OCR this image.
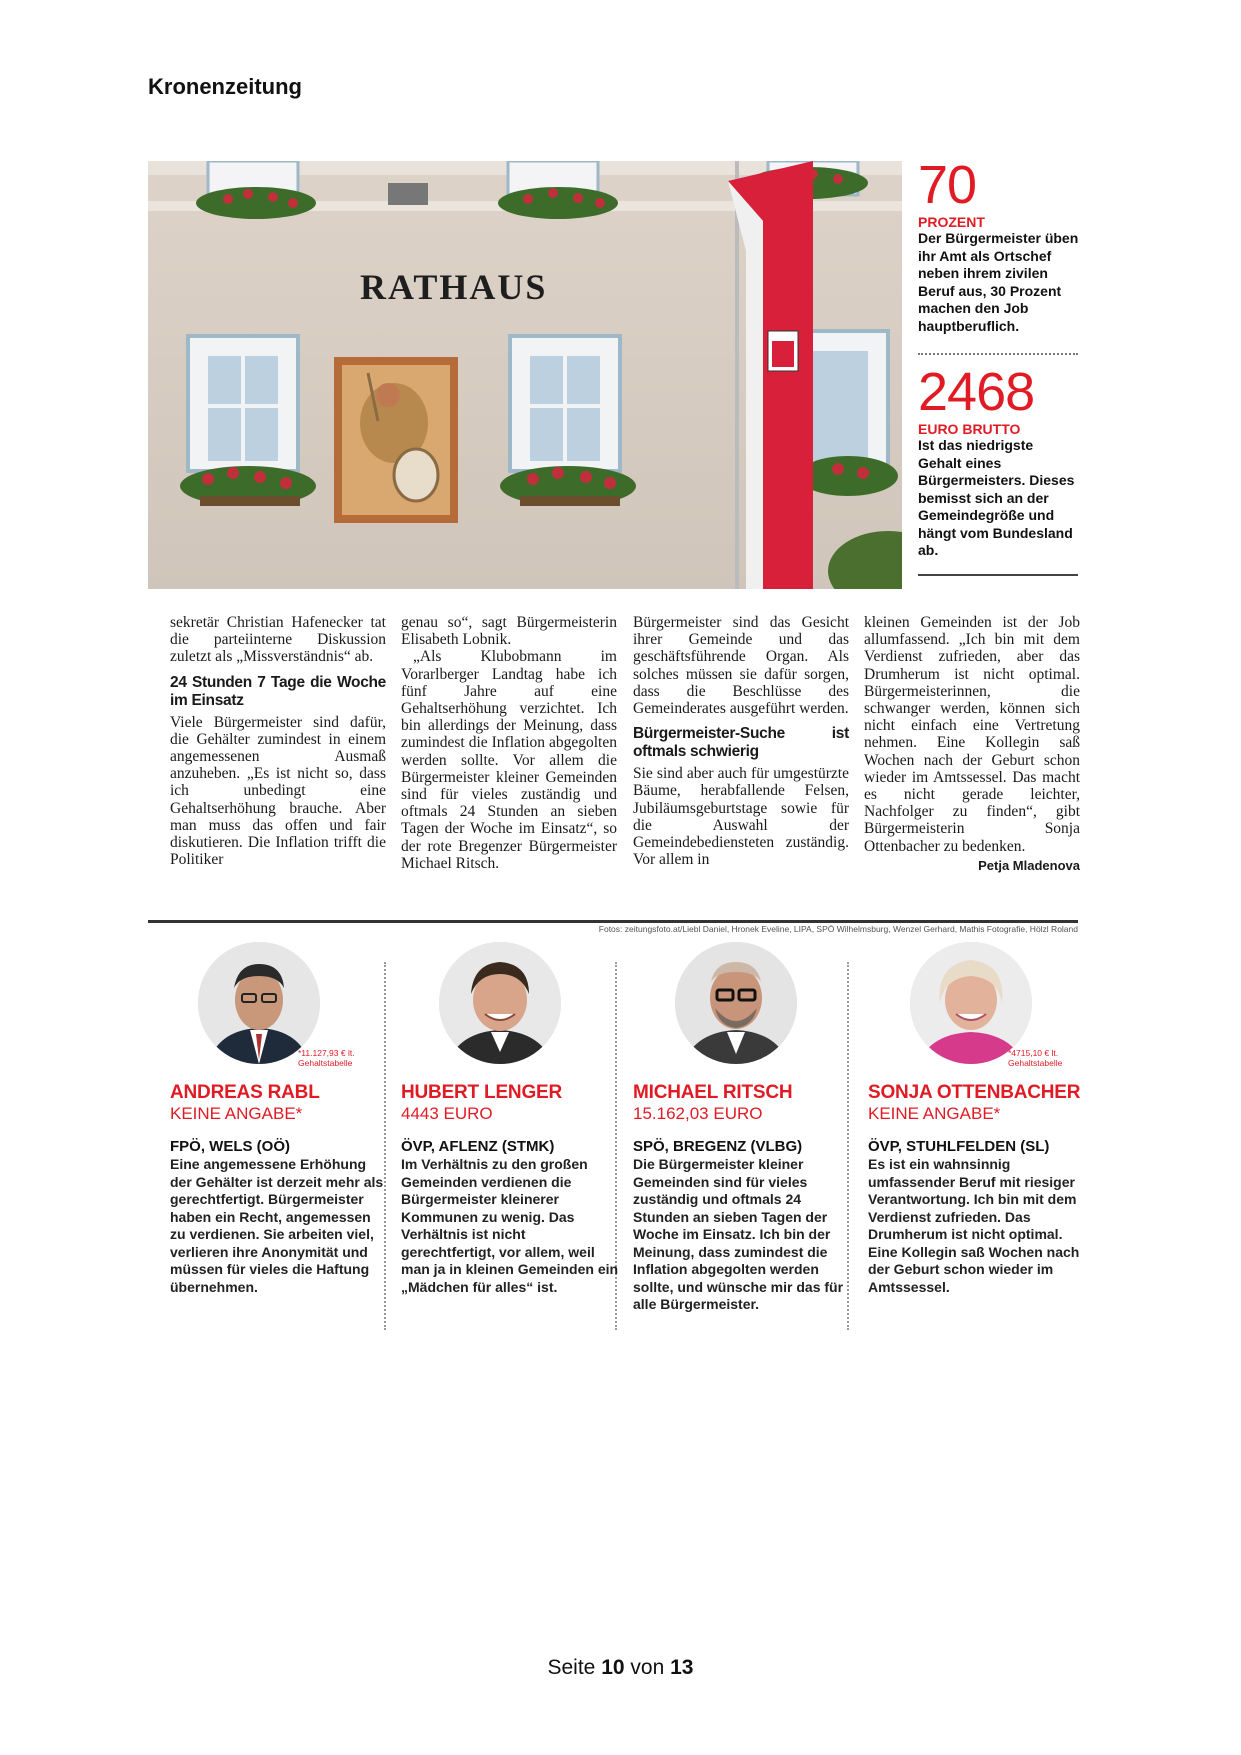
Kronenzeitung
RATHAUS
70
PROZENT
Der Bürgermeister üben ihr Amt als Ortschef neben ihrem zivilen Beruf aus, 30 Prozent machen den Job hauptberuflich.
2468
EURO BRUTTO
Ist das niedrigste Gehalt eines Bürgermeisters. Dieses bemisst sich an der Gemeindegröße und hängt vom Bundesland ab.

sekretär Christian Hafenecker tat die parteiinterne Diskussion zuletzt als „Missverständnis“ ab.

24 Stunden 7 Tage die Woche im Einsatz

Viele Bürgermeister sind dafür, die Gehälter zumindest in einem angemessenen Ausmaß anzuheben. „Es ist nicht so, dass ich unbedingt eine Gehaltserhöhung brauche. Aber man muss das offen und fair diskutieren. Die Inflation trifft die Politiker

genau so“, sagt Bürgermeisterin Elisabeth Lobnik.

„Als Klubobmann im Vorarlberger Landtag habe ich fünf Jahre auf eine Gehaltserhöhung verzichtet. Ich bin allerdings der Meinung, dass zumindest die Inflation abgegolten werden sollte. Vor allem die Bürgermeister kleiner Gemeinden sind für vieles zuständig und oftmals 24 Stunden an sieben Tagen der Woche im Einsatz“, so der rote Bregenzer Bürgermeister Michael Ritsch.

Bürgermeister sind das Gesicht ihrer Gemeinde und das geschäftsführende Organ. Als solches müssen sie dafür sorgen, dass die Beschlüsse des Gemeinderates ausgeführt werden.

Bürgermeister-Suche ist oftmals schwierig

Sie sind aber auch für umgestürzte Bäume, herabfallende Felsen, Jubiläumsgeburtstage sowie für die Auswahl der Gemeindebediensteten zuständig. Vor allem in

kleinen Gemeinden ist der Job allumfassend. „Ich bin mit dem Verdienst zufrieden, aber das Drumherum ist nicht optimal. Bürgermeisterinnen, die schwanger werden, können sich nicht einfach eine Vertretung nehmen. Eine Kollegin saß Wochen nach der Geburt schon wieder im Amtssessel. Das macht es nicht gerade leichter, Nachfolger zu finden“, gibt Bürgermeisterin Sonja Ottenbacher zu bedenken.

Petja Mladenova
Fotos: zeitungsfoto.at/Liebl Daniel, Hronek Eveline, LIPA, SPÖ Wilhelmsburg, Wenzel Gerhard, Mathis Fotografie, Hölzl Roland
*11.127,93 € lt. Gehaltstabelle
ANDREAS RABL
KEINE ANGABE*
FPÖ, WELS (OÖ)
Eine angemessene Erhöhung der Gehälter ist derzeit mehr als gerechtfertigt. Bürgermeister haben ein Recht, angemessen zu verdienen. Sie arbeiten viel, verlieren ihre Anonymität und müssen für vieles die Haftung übernehmen.
HUBERT LENGER
4443 EURO
ÖVP, AFLENZ (STMK)
Im Verhältnis zu den großen Gemeinden verdienen die Bürgermeister kleinerer Kommunen zu wenig. Das Verhältnis ist nicht gerechtfertigt, vor allem, weil man ja in kleinen Gemeinden ein „Mädchen für alles“ ist.
MICHAEL RITSCH
15.162,03 EURO
SPÖ, BREGENZ (VLBG)
Die Bürgermeister kleiner Gemeinden sind für vieles zuständig und oftmals 24 Stunden an sieben Tagen der Woche im Einsatz. Ich bin der Meinung, dass zumindest die Inflation abgegolten werden sollte, und wünsche mir das für alle Bürgermeister.
*4715,10 € lt. Gehaltstabelle
SONJA OTTENBACHER
KEINE ANGABE*
ÖVP, STUHLFELDEN (SL)
Es ist ein wahnsinnig umfassender Beruf mit riesiger Verantwortung. Ich bin mit dem Verdienst zufrieden. Das Drumherum ist nicht optimal. Eine Kollegin saß Wochen nach der Geburt schon wieder im Amtssessel.
Seite 10 von 13
